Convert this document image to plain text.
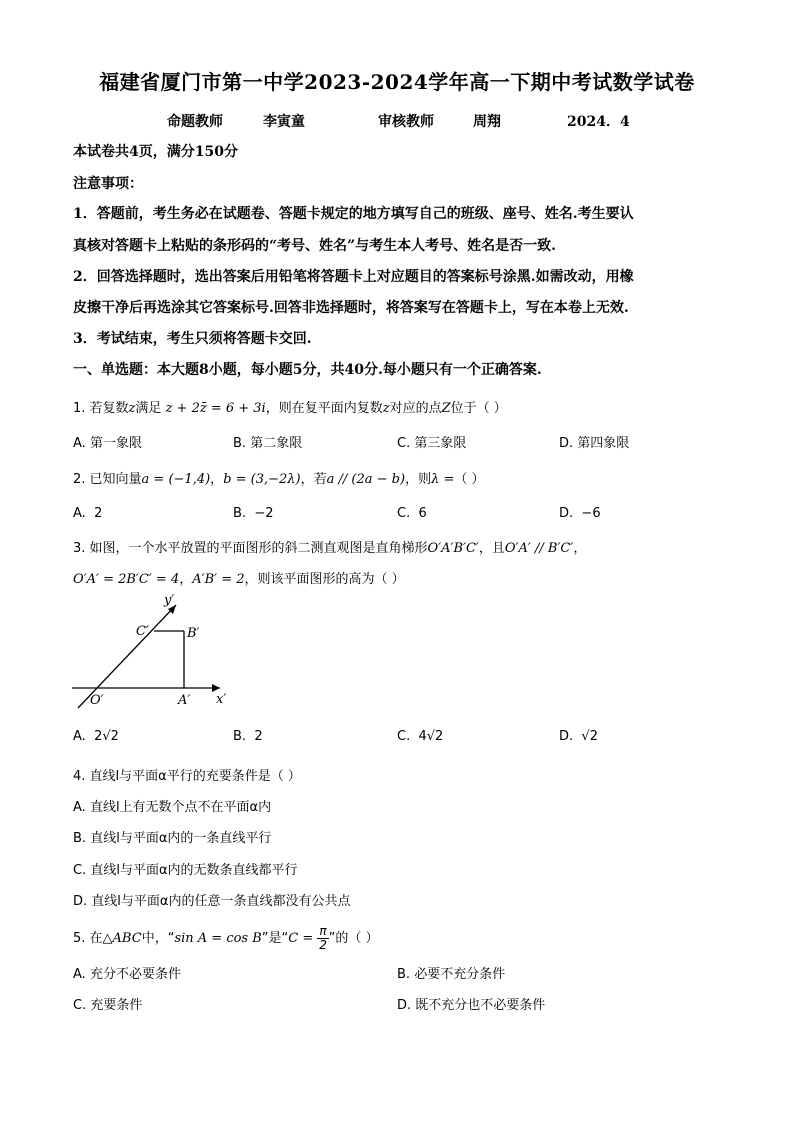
福建省厦门市第一中学2023-2024学年高一下期中考试数学试卷
命题教师	李寅童	审核教师	周翔	2024．4
本试卷共4页，满分150分
注意事项：
1．答题前，考生务必在试题卷、答题卡规定的地方填写自己的班级、座号、姓名.考生要认
真核对答题卡上粘贴的条形码的“考号、姓名”与考生本人考号、姓名是否一致.
2．回答选择题时，选出答案后用铅笔将答题卡上对应题目的答案标号涂黑.如需改动，用橡
皮擦干净后再选涂其它答案标号.回答非选择题时，将答案写在答题卡上，写在本卷上无效.
3．考试结束，考生只须将答题卡交回.
一、单选题：本大题8小题，每小题5分，共40分.每小题只有一个正确答案.
1. 若复数z满足 z + 2z̄ = 6 + 3i，则在复平面内复数z对应的点Z位于（ ）
A. 第一象限	B. 第二象限	C. 第三象限	D. 第四象限
2. 已知向量a = (−1,4)，b = (3,−2λ)，若a // (2a − b)，则λ =（ ）
A. 2	B. −2	C. 6	D. −6
3. 如图，一个水平放置的平面图形的斜二测直观图是直角梯形O′A′B′C′，且O′A′ // B′C′，
O′A′ = 2B′C′ = 4，A′B′ = 2，则该平面图形的高为（ ）
y′
x′
O′	A′
B′
C′
A. 2√2	B. 2	C. 4√2	D. √2
4. 直线l与平面α平行的充要条件是（ ）
A. 直线l上有无数个点不在平面α内
B. 直线l与平面α内的一条直线平行
C. 直线l与平面α内的无数条直线都平行
D. 直线l与平面α内的任意一条直线都没有公共点
5. 在△ABC中，“sin A = cos B”是“$C = \frac{\pi}{2}$ ”的（ ）
A. 充分不必要条件	B. 必要不充分条件
C. 充要条件	D. 既不充分也不必要条件
